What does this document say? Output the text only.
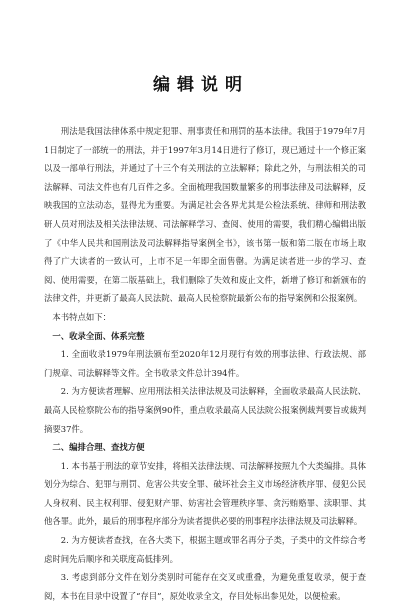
编辑说明

刑法是我国法律体系中规定犯罪、刑事责任和刑罚的基本法律。我国于1979年7月1日制定了一部统一的刑法，并于1997年3月14日进行了修订，现已通过十一个修正案以及一部单行刑法，并通过了十三个有关刑法的立法解释；除此之外，与刑法相关的司法解释、司法文件也有几百件之多。全面梳理我国数量繁多的刑事法律及司法解释，反映我国的立法动态，显得尤为重要。为满足社会各界尤其是公检法系统、律师和刑法教研人员对刑法及相关法律法规、司法解释学习、查阅、使用的需要，我们精心编辑出版了《中华人民共和国刑法及司法解释指导案例全书》，该书第一版和第二版在市场上取得了广大读者的一致认可，上市不足一年即全面售罄。为满足读者进一步的学习、查阅、使用需要，在第二版基础上，我们删除了失效和废止文件，新增了修订和新颁布的法律文件，并更新了最高人民法院、最高人民检察院最新公布的指导案例和公报案例。

本书特点如下：

一、收录全面、体系完整

1. 全面收录1979年刑法颁布至2020年12月现行有效的刑事法律、行政法规、部门规章、司法解释等文件。全书收录文件总计394件。

2. 为方便读者理解、应用刑法相关法律法规及司法解释，全面收录最高人民法院、最高人民检察院公布的指导案例90件，重点收录最高人民法院公报案例裁判要旨或裁判摘要37件。

二、编排合理、查找方便

1. 本书基于刑法的章节安排，将相关法律法规、司法解释按照九个大类编排。具体划分为综合、犯罪与刑罚、危害公共安全罪、破坏社会主义市场经济秩序罪、侵犯公民人身权利、民主权利罪、侵犯财产罪、妨害社会管理秩序罪、贪污贿赂罪、渎职罪、其他各罪。此外，最后的刑事程序部分为读者提供必要的刑事程序法律法规及司法解释。

2. 为方便读者查找，在各大类下，根据主题或罪名再分子类，子类中的文件综合考虑时间先后顺序和关联度高低排列。

3. 考虑到部分文件在划分类别时可能存在交叉或重叠，为避免重复收录，便于查阅，本书在目录中设置了“存目”，原处收录全文，存目处标出参见处，以便检索。
